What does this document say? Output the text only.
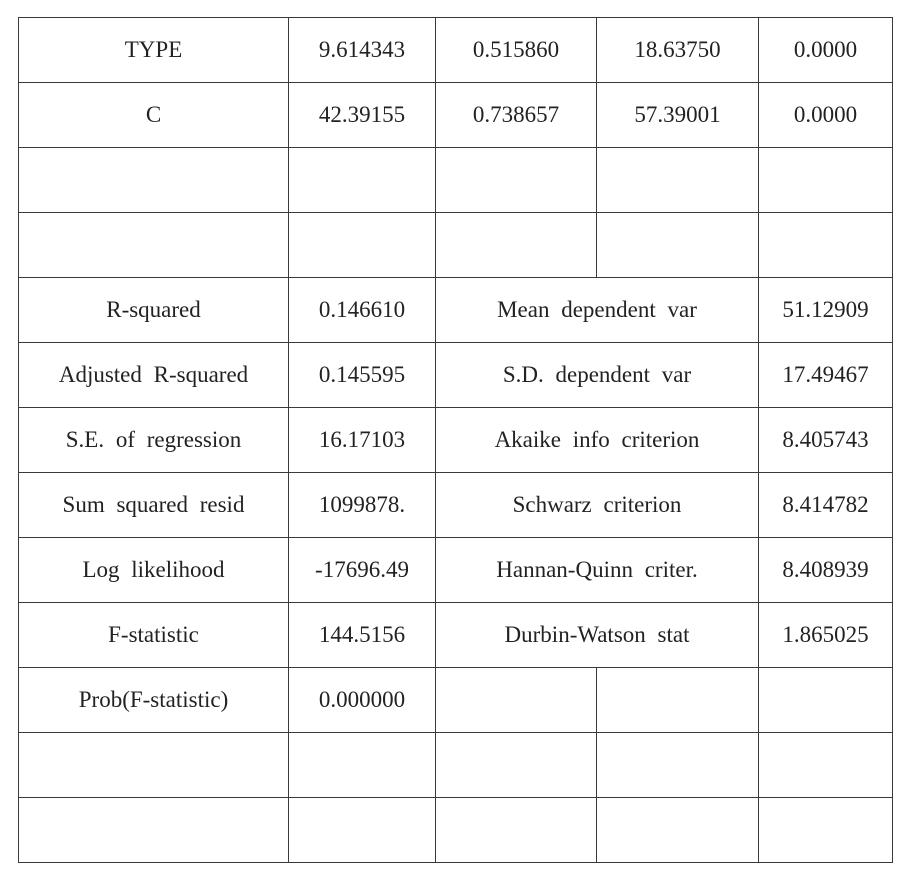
TYPE	9.614343	0.515860	18.63750	0.0000
C	42.39155	0.738657	57.39001	0.0000

R-squared	0.146610	Mean dependent var		51.12909
Adjusted R-squared	0.145595	S.D. dependent var		17.49467
S.E. of regression	16.17103	Akaike info criterion		8.405743
Sum squared resid	1099878.	Schwarz criterion		8.414782
Log likelihood	-17696.49	Hannan-Quinn criter.		8.408939
F-statistic	144.5156	Durbin-Watson stat		1.865025
Prob(F-statistic)	0.000000			
